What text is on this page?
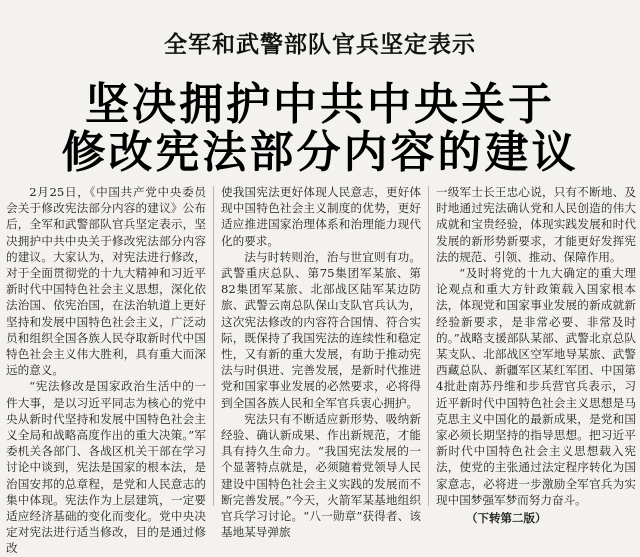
全军和武警部队官兵坚定表示
坚决拥护中共中央关于
修改宪法部分内容的建议

2月25日，《中国共产党中央委员会关于修改宪法部分内容的建议》公布后，全军和武警部队官兵坚定表示，坚决拥护中共中央关于修改宪法部分内容的建议。大家认为，对宪法进行修改，对于全面贯彻党的十九大精神和习近平新时代中国特色社会主义思想，深化依法治国、依宪治国，在法治轨道上更好坚持和发展中国特色社会主义，广泛动员和组织全国各族人民夺取新时代中国特色社会主义伟大胜利，具有重大而深远的意义。

“宪法修改是国家政治生活中的一件大事，是以习近平同志为核心的党中央从新时代坚持和发展中国特色社会主义全局和战略高度作出的重大决策。”军委机关各部门、各战区机关干部在学习讨论中谈到，宪法是国家的根本法，是治国安邦的总章程，是党和人民意志的集中体现。宪法作为上层建筑，一定要适应经济基础的变化而变化。党中央决定对宪法进行适当修改，目的是通过修改

使我国宪法更好体现人民意志，更好体现中国特色社会主义制度的优势，更好适应推进国家治理体系和治理能力现代化的要求。

法与时转则治，治与世宜则有功。武警重庆总队、第75集团军某旅、第82集团军某旅、北部战区陆军某边防旅、武警云南总队保山支队官兵认为，这次宪法修改的内容符合国情、符合实际，既保持了我国宪法的连续性和稳定性，又有新的重大发展，有助于推动宪法与时俱进、完善发展，是新时代推进党和国家事业发展的必然要求，必将得到全国各族人民和全军官兵衷心拥护。

宪法只有不断适应新形势、吸纳新经验、确认新成果、作出新规范，才能具有持久生命力。“我国宪法发展的一个显著特点就是，必须随着党领导人民建设中国特色社会主义实践的发展而不断完善发展。”今天，火箭军某基地组织官兵学习讨论。“八一勋章”获得者、该基地某导弹旅

一级军士长王忠心说，只有不断地、及时地通过宪法确认党和人民创造的伟大成就和宝贵经验，体现实践发展和时代发展的新形势新要求，才能更好发挥宪法的规范、引领、推动、保障作用。

“及时将党的十九大确定的重大理论观点和重大方针政策载入国家根本法，体现党和国家事业发展的新成就新经验新要求，是非常必要、非常及时的。”战略支援部队某部、武警北京总队某支队、北部战区空军地导某旅、武警西藏总队、新疆军区某红军团、中国第4批赴南苏丹维和步兵营官兵表示，习近平新时代中国特色社会主义思想是马克思主义中国化的最新成果，是党和国家必须长期坚持的指导思想。把习近平新时代中国特色社会主义思想载入宪法，使党的主张通过法定程序转化为国家意志，必将进一步激励全军官兵为实现中国梦强军梦而努力奋斗。

（下转第二版）
